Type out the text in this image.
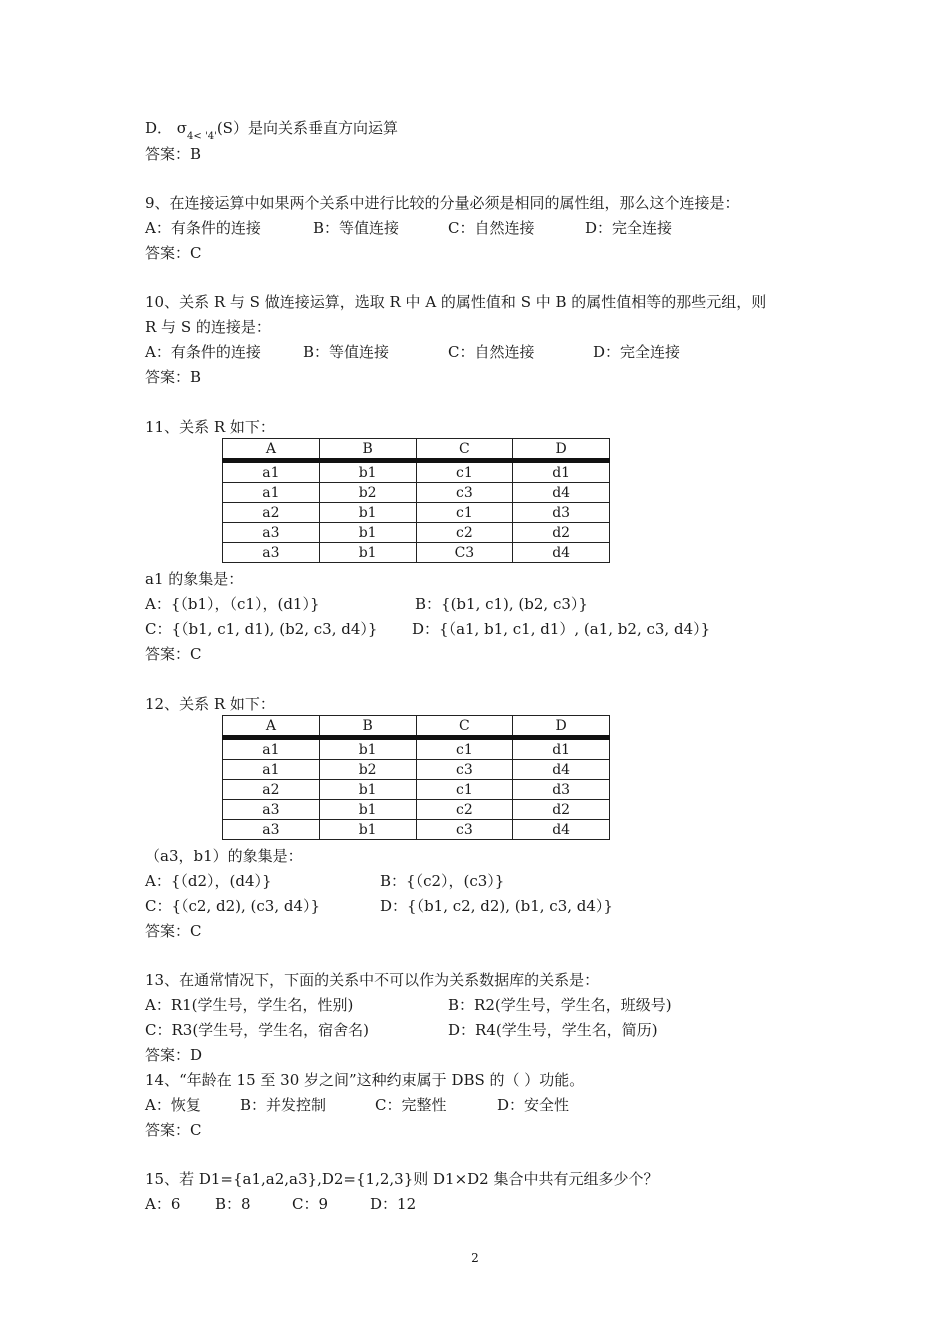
D． $\sigma_{4< '4'}(S)$是向关系垂直方向运算
答案：B
9、在连接运算中如果两个关系中进行比较的分量必须是相同的属性组，那么这个连接是：
A：有条件的连接	B：等值连接	C：自然连接	D：完全连接
答案：C
10、关系 R 与 S 做连接运算，选取 R 中 A 的属性值和 S 中 B 的属性值相等的那些元组，则
R 与 S 的连接是：
A：有条件的连接	B：等值连接	C：自然连接	D：完全连接
答案：B
11、关系 R 如下：
A	B	C	D
a1	b1	c1	d1
a1	b2	c3	d4
a2	b1	c1	d3
a3	b1	c2	d2
a3	b1	C3	d4
a1 的象集是：
A：{（b1），（c1），(d1）}	B：{(b1, c1), (b2, c3）}
C：{（b1, c1, d1), (b2, c3, d4）} D：{（a1, b1, c1, d1）, (a1, b2, c3, d4）}
答案：C
12、关系 R 如下：
A	B	C	D
a1	b1	c1	d1
a1	b2	c3	d4
a2	b1	c1	d3
a3	b1	c2	d2
a3	b1	c3	d4
（a3，b1）的象集是：
A：{（d2），(d4）}	B：{（c2），(c3）}
C：{（c2, d2), (c3, d4）}	D：{（b1, c2, d2), (b1, c3, d4）}
答案：C
13、在通常情况下，下面的关系中不可以作为关系数据库的关系是：
A：R1(学生号，学生名，性别)	B：R2(学生号，学生名，班级号)
C：R3(学生号，学生名，宿舍名)	D：R4(学生号，学生名，简历)
答案：D
14、“年龄在 15 至 30 岁之间”这种约束属于 DBS 的（ ）功能。
A：恢复	B：并发控制	C：完整性	D：安全性
答案：C
15、若 D1={a1,a2,a3},D2={1,2,3}则 D1×D2 集合中共有元组多少个？
A：6 B：8	C：9	D：12
2
